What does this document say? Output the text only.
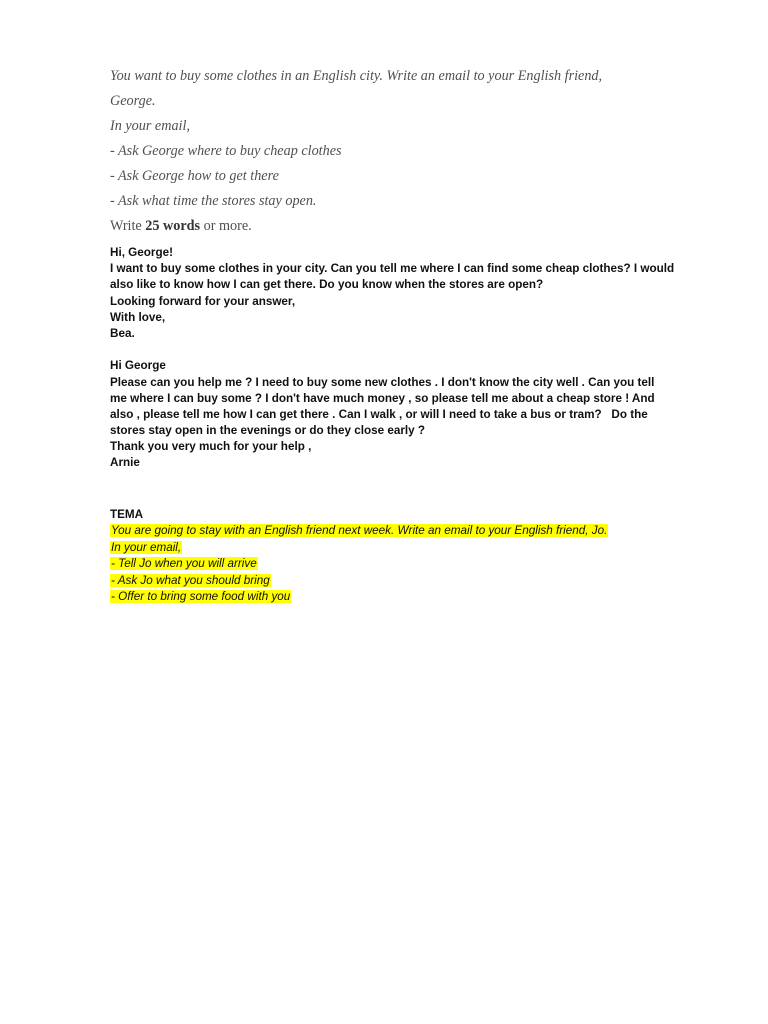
You want to buy some clothes in an English city. Write an email to your English friend,
George.
In your email,
- Ask George where to buy cheap clothes
- Ask George how to get there
- Ask what time the stores stay open.
Write 25 words or more.
Hi, George!
I want to buy some clothes in your city. Can you tell me where I can find some cheap clothes? I would
also like to know how I can get there. Do you know when the stores are open?
Looking forward for your answer,
With love,
Bea.
Hi George
Please can you help me ? I need to buy some new clothes . I don't know the city well . Can you tell
me where I can buy some ? I don't have much money , so please tell me about a cheap store ! And
also , please tell me how I can get there . Can I walk , or will I need to take a bus or tram?   Do the
stores stay open in the evenings or do they close early ?
Thank you very much for your help ,
Arnie
TEMA
You are going to stay with an English friend next week. Write an email to your English friend, Jo.
In your email,
- Tell Jo when you will arrive
- Ask Jo what you should bring
- Offer to bring some food with you
